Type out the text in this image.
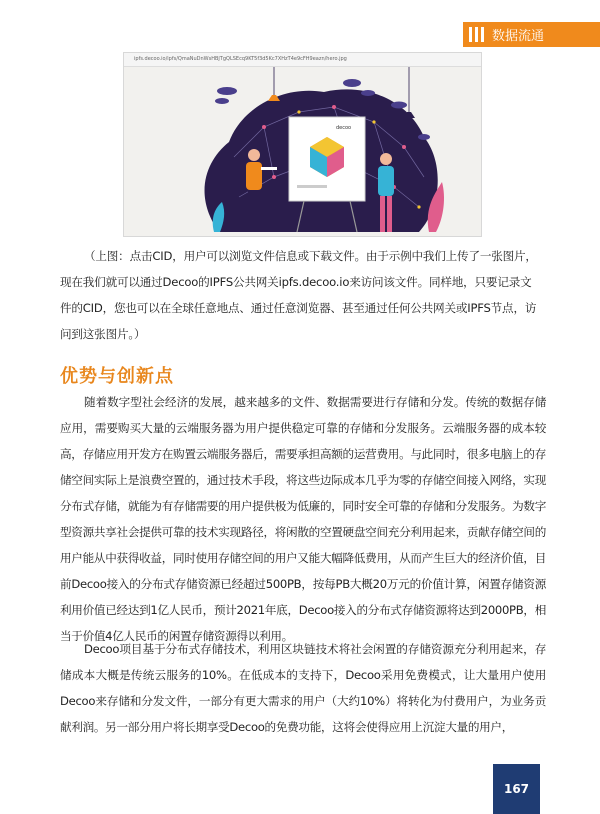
数据流通
ipfs.decoo.io/ipfs/QmaNuDnWsHBjTgQLSEcq9KT5f3d5Kc7XHzT4e9cFH9eazn/hero.jpg
decoo
（上图：点击CID，用户可以浏览文件信息或下载文件。由于示例中我们上传了一张图片，现在我们就可以通过Decoo的IPFS公共网关ipfs.decoo.io来访问该文件。同样地，只要记录文件的CID，您也可以在全球任意地点、通过任意浏览器、甚至通过任何公共网关或IPFS节点，访问到这张图片。）
优势与创新点
随着数字型社会经济的发展，越来越多的文件、数据需要进行存储和分发。传统的数据存储应用，需要购买大量的云端服务器为用户提供稳定可靠的存储和分发服务。云端服务器的成本较高，存储应用开发方在购置云端服务器后，需要承担高额的运营费用。与此同时，很多电脑上的存储空间实际上是浪费空置的，通过技术手段，将这些边际成本几乎为零的存储空间接入网络，实现分布式存储，就能为有存储需要的用户提供极为低廉的，同时安全可靠的存储和分发服务。为数字型资源共享社会提供可靠的技术实现路径，将闲散的空置硬盘空间充分利用起来，贡献存储空间的用户能从中获得收益，同时使用存储空间的用户又能大幅降低费用，从而产生巨大的经济价值，目前Decoo接入的分布式存储资源已经超过500PB，按每PB大概20万元的价值计算，闲置存储资源利用价值已经达到1亿人民币，预计2021年底，Decoo接入的分布式存储资源将达到2000PB，相当于价值4亿人民币的闲置存储资源得以利用。
Decoo项目基于分布式存储技术，利用区块链技术将社会闲置的存储资源充分利用起来，存储成本大概是传统云服务的10%。在低成本的支持下，Decoo采用免费模式，让大量用户使用Decoo来存储和分发文件，一部分有更大需求的用户（大约10%）将转化为付费用户，为业务贡献利润。另一部分用户将长期享受Decoo的免费功能，这将会使得应用上沉淀大量的用户，
167
